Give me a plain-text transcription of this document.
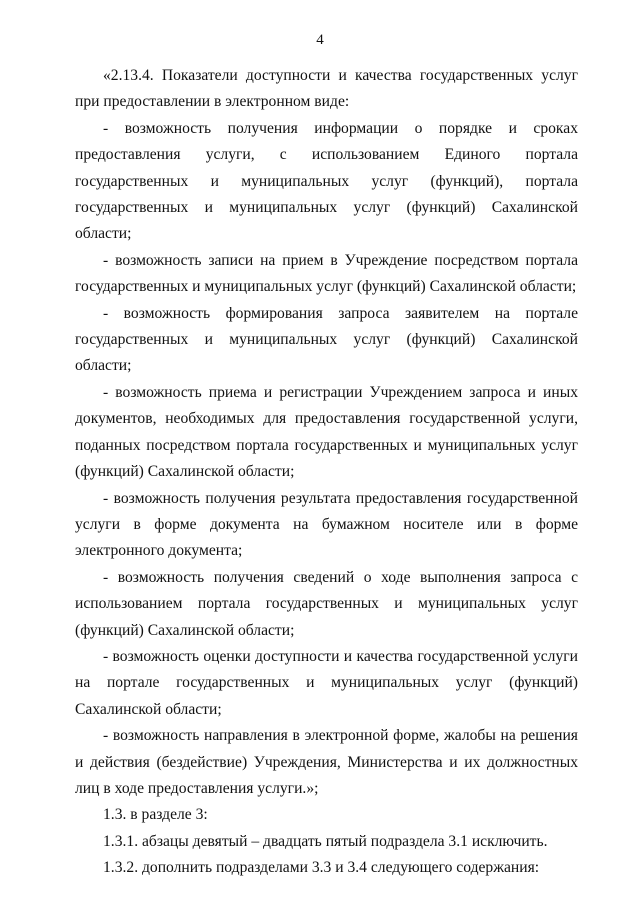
4

«2.13.4. Показатели доступности и качества государственных услуг при предоставлении в электронном виде:

- возможность получения информации о порядке и сроках предоставления услуги, с использованием Единого портала государственных и муниципальных услуг (функций), портала государственных и муниципальных услуг (функций) Сахалинской области;

- возможность записи на прием в Учреждение посредством портала государственных и муниципальных услуг (функций) Сахалинской области;

- возможность формирования запроса заявителем на портале государственных и муниципальных услуг (функций) Сахалинской области;

- возможность приема и регистрации Учреждением запроса и иных документов, необходимых для предоставления государственной услуги, поданных посредством портала государственных и муниципальных услуг (функций) Сахалинской области;

- возможность получения результата предоставления государственной услуги в форме документа на бумажном носителе или в форме электронного документа;

- возможность получения сведений о ходе выполнения запроса с использованием портала государственных и муниципальных услуг (функций) Сахалинской области;

- возможность оценки доступности и качества государственной услуги на портале государственных и муниципальных услуг (функций) Сахалинской области;

- возможность направления в электронной форме, жалобы на решения и действия (бездействие) Учреждения, Министерства и их должностных лиц в ходе предоставления услуги.»;

1.3. в разделе 3:

1.3.1. абзацы девятый – двадцать пятый подраздела 3.1 исключить.

1.3.2. дополнить подразделами 3.3 и 3.4 следующего содержания:
